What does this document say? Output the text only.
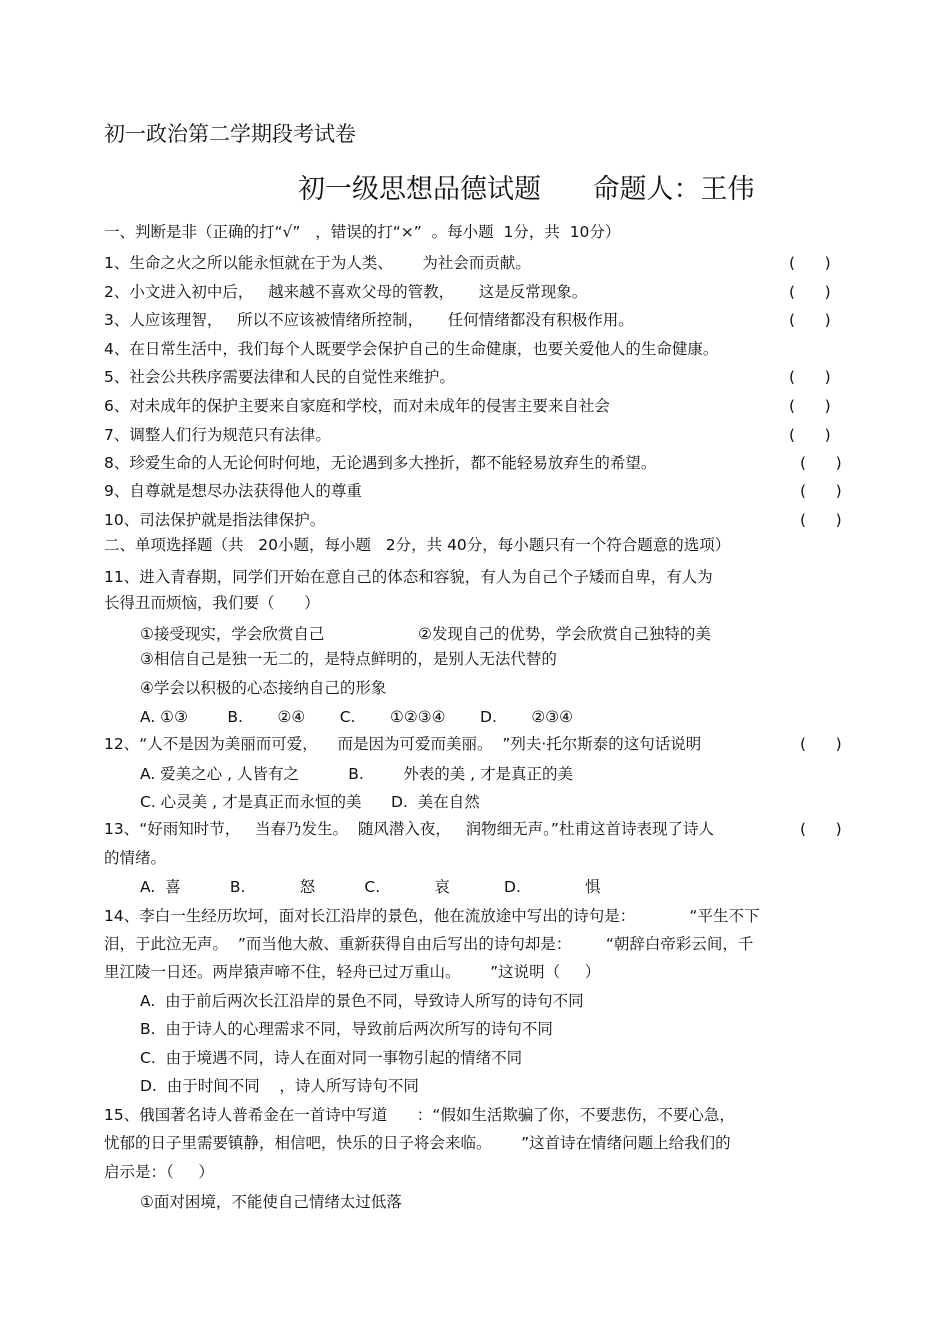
初一政治第二学期段考试卷
初一级思想品德试题      命题人：王伟
一、判断是非（正确的打“√”   ，错误的打“×”  。每小题  1分，共  10分）
1、生命之火之所以能永恒就在于为人类、      为社会而贡献。	(      )
2、小文进入初中后，   越来越不喜欢父母的管教，     这是反常现象。	(      )
3、人应该理智，   所以不应该被情绪所控制，     任何情绪都没有积极作用。	(      )
4、在日常生活中，我们每个人既要学会保护自己的生命健康，也要关爱他人的生命健康。
5、社会公共秩序需要法律和人民的自觉性来维护。	(      )
6、对未成年的保护主要来自家庭和学校，而对未成年的侵害主要来自社会	(      )
7、调整人们行为规范只有法律。	(      )
8、珍爱生命的人无论何时何地，无论遇到多大挫折，都不能轻易放弃生的希望。	(      )
9、自尊就是想尽办法获得他人的尊重	(      )
10、司法保护就是指法律保护。	(      )
二、单项选择题（共   20小题，每小题   2分，共 40分，每小题只有一个符合题意的选项）
11、进入青春期，同学们开始在意自己的体态和容貌，有人为自己个子矮而自卑，有人为
长得丑而烦恼，我们要（      ）
①接受现实，学会欣赏自己	②发现自己的优势，学会欣赏自己独特的美
③相信自己是独一无二的，是特点鲜明的，是别人无法代替的
④学会以积极的心态接纳自己的形象
A. ①③        B.       ②④       C.       ①②③④       D.       ②③④
12、“人不是因为美丽而可爱，    而是因为可爱而美丽。  ”列夫·托尔斯泰的这句话说明	(      )
A. 爱美之心 , 人皆有之          B.        外表的美 , 才是真正的美
C. 心灵美 , 才是真正而永恒的美      D.  美在自然
13、“好雨知时节，   当春乃发生。  随风潜入夜，   润物细无声。”杜甫这首诗表现了诗人	(      )
的情绪。
A.  喜          B.           怒          C.           哀           D.             惧
14、李白一生经历坎坷，面对长江沿岸的景色，他在流放途中写出的诗句是：           “平生不下
泪，于此泣无声。  ”而当他大赦、重新获得自由后写出的诗句却是：       “朝辞白帝彩云间，千
里江陵一日还。两岸猿声啼不住，轻舟已过万重山。      ”这说明（     ）
A.  由于前后两次长江沿岸的景色不同，导致诗人所写的诗句不同
B.  由于诗人的心理需求不同，导致前后两次所写的诗句不同
C.  由于境遇不同，诗人在面对同一事物引起的情绪不同
D.  由于时间不同    ，诗人所写诗句不同
15、俄国著名诗人普希金在一首诗中写道      ：“假如生活欺骗了你，不要悲伤，不要心急，
忧郁的日子里需要镇静，相信吧，快乐的日子将会来临。      ”这首诗在情绪问题上给我们的
启示是：（     ）
①面对困境，不能使自己情绪太过低落
